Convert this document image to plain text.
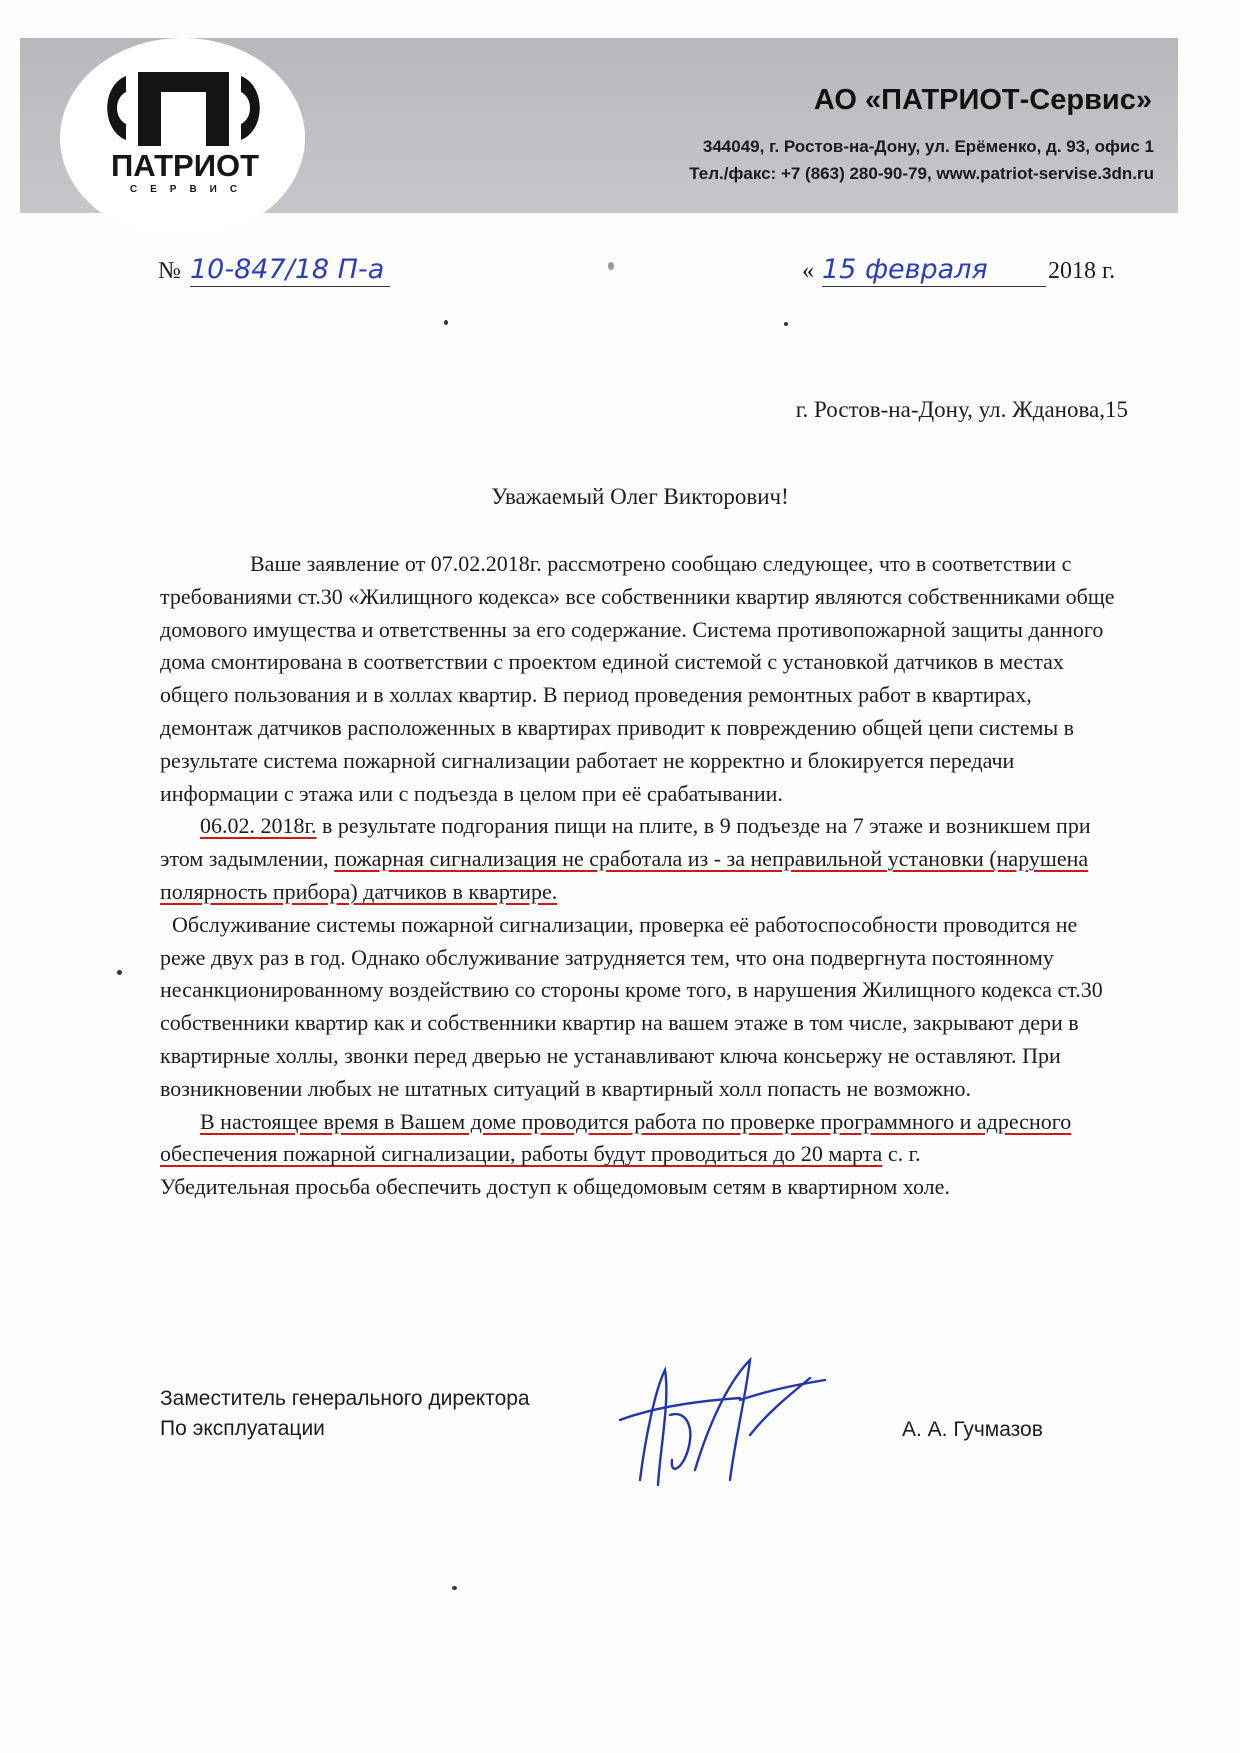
ПАТРИОТ
СЕРВИС
АО «ПАТРИОТ-Сервис»
344049, г. Ростов-на-Дону, ул. Ерёменко, д. 93, офис 1
Тел./факс: +7 (863) 280-90-79, www.patriot-servise.3dn.ru
№ 10-847/18 П-а	« 15 февраля	2018 г.
г. Ростов-на-Дону, ул. Жданова,15
Уважаемый Олег Викторович!

Ваше заявление от 07.02.2018г. рассмотрено сообщаю следующее, что в соответствии с требованиями ст.30 «Жилищного кодекса» все собственники квартир являются собственниками обще домового имущества и ответственны за его содержание. Система противопожарной защиты данного дома смонтирована в соответствии с проектом единой системой с установкой датчиков в местах общего пользования и в холлах квартир. В период проведения ремонтных работ в квартирах, демонтаж датчиков расположенных в квартирах приводит к повреждению общей цепи системы в результате система пожарной сигнализации работает не корректно и блокируется передачи информации с этажа или с подъезда в целом при её срабатывании.

06.02. 2018г. в результате подгорания пищи на плите, в 9 подъезде на 7 этаже и возникшем при этом задымлении, пожарная сигнализация не сработала из - за неправильной установки (нарушена полярность прибора) датчиков в квартире.

Обслуживание системы пожарной сигнализации, проверка её работоспособности проводится не реже двух раз в год. Однако обслуживание затрудняется тем, что она подвергнута постоянному несанкционированному воздействию со стороны кроме того, в нарушения Жилищного кодекса ст.30 собственники квартир как и собственники квартир на вашем этаже в том числе, закрывают дери в квартирные холлы, звонки перед дверью не устанавливают ключа консьержу не оставляют. При возникновении любых не штатных ситуаций в квартирный холл попасть не возможно.

В настоящее время в Вашем доме проводится работа по проверке программного и адресного обеспечения пожарной сигнализации, работы будут проводиться до 20 марта с. г.

Убедительная просьба обеспечить доступ к общедомовым сетям в квартирном холе.

Заместитель генерального директора
По эксплуатации	А. А. Гучмазов
